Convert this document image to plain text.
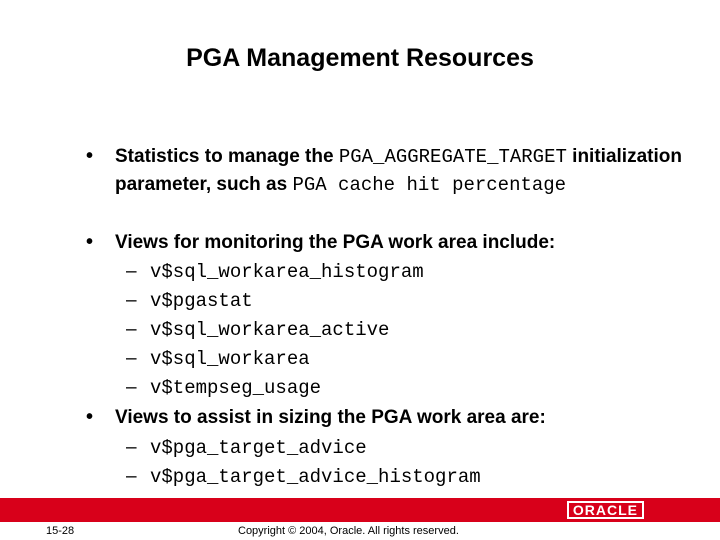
PGA Management Resources
• Statistics to manage the PGA_AGGREGATE_TARGET initialization parameter, such as PGA cache hit percentage
• Views for monitoring the PGA work area include:
– v$sql_workarea_histogram
– v$pgastat
– v$sql_workarea_active
– v$sql_workarea
– v$tempseg_usage
• Views to assist in sizing the PGA work area are:
– v$pga_target_advice
– v$pga_target_advice_histogram
ORACLE
15-28	Copyright © 2004, Oracle. All rights reserved.
